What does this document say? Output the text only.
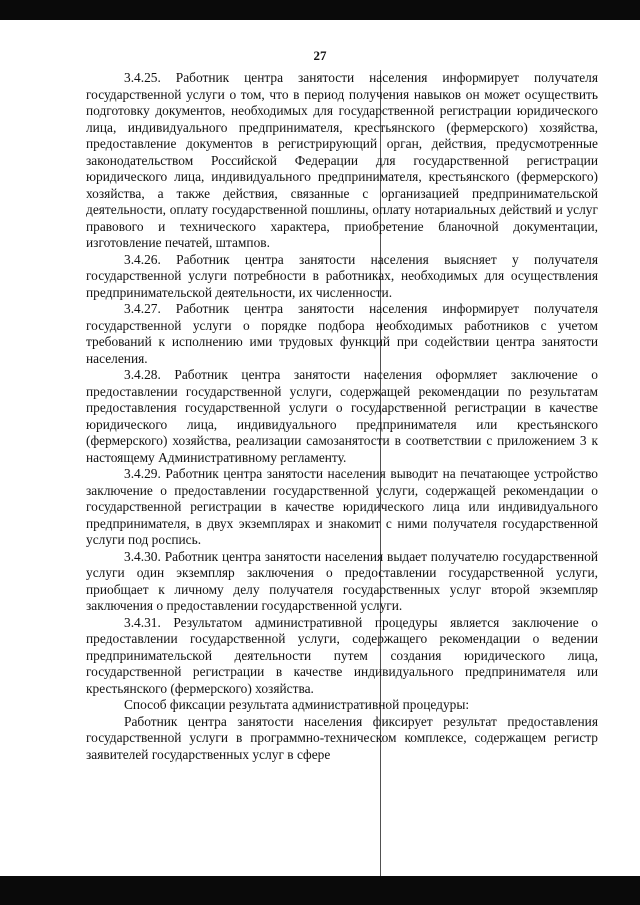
27

3.4.25. Работник центра занятости населения информирует получателя государственной услуги о том, что в период получения навыков он может осуществить подготовку документов, необходимых для государственной регистрации юридического лица, индивидуального предпринимателя, крестьянского (фермерского) хозяйства, предоставление документов в регистрирующий орган, действия, предусмотренные законодательством Российской Федерации для государственной регистрации юридического лица, индивидуального предпринимателя, крестьянского (фермерского) хозяйства, а также действия, связанные с организацией предпринимательской деятельности, оплату государственной пошлины, оплату нотариальных действий и услуг правового и технического характера, приобретение бланочной документации, изготовление печатей, штампов.

3.4.26. Работник центра занятости населения выясняет у получателя государственной услуги потребности в работниках, необходимых для осуществления предпринимательской деятельности, их численности.

3.4.27. Работник центра занятости населения информирует получателя государственной услуги о порядке подбора необходимых работников с учетом требований к исполнению ими трудовых функций при содействии центра занятости населения.

3.4.28. Работник центра занятости населения оформляет заключение о предоставлении государственной услуги, содержащей рекомендации по результатам предоставления государственной услуги о государственной регистрации в качестве юридического лица, индивидуального предпринимателя или крестьянского (фермерского) хозяйства, реализации самозанятости в соответствии с приложением 3 к настоящему Административному регламенту.

3.4.29. Работник центра занятости населения выводит на печатающее устройство заключение о предоставлении государственной услуги, содержащей рекомендации о государственной регистрации в качестве юридического лица или индивидуального предпринимателя, в двух экземплярах и знакомит с ними получателя государственной услуги под роспись.

3.4.30. Работник центра занятости населения выдает получателю государственной услуги один экземпляр заключения о предоставлении государственной услуги, приобщает к личному делу получателя государственных услуг второй экземпляр заключения о предоставлении государственной услуги.

3.4.31. Результатом административной процедуры является заключение о предоставлении государственной услуги, содержащего рекомендации о ведении предпринимательской деятельности путем создания юридического лица, государственной регистрации в качестве индивидуального предпринимателя или крестьянского (фермерского) хозяйства.

Способ фиксации результата административной процедуры:

Работник центра занятости населения фиксирует результат предоставления государственной услуги в программно-техническом комплексе, содержащем регистр заявителей государственных услуг в сфере
